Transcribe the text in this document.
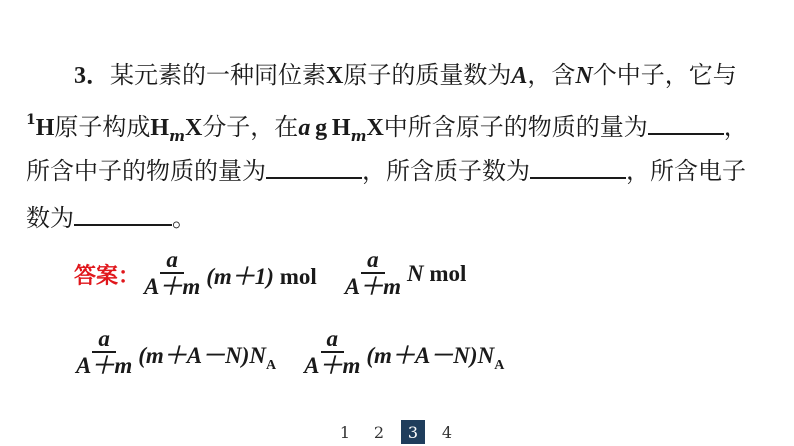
3．某元素的一种同位素X原子的质量数为A，含N个中子，它与
$^1$H原子构成$H_mX$分子，在a  g  $H_mX$中所含原子的物质的量为	，
所含中子的物质的量为	，所含质子数为	，所含电子
数为	。
答案： $\frac{a}{A+m} (m+1)$ mol $\frac{a}{A+m}$ N mol
$\frac{a}{A+m} (m+A-N)N_A \frac{a}{A+m} (m+A-N)N_A$
1	2	3	4
